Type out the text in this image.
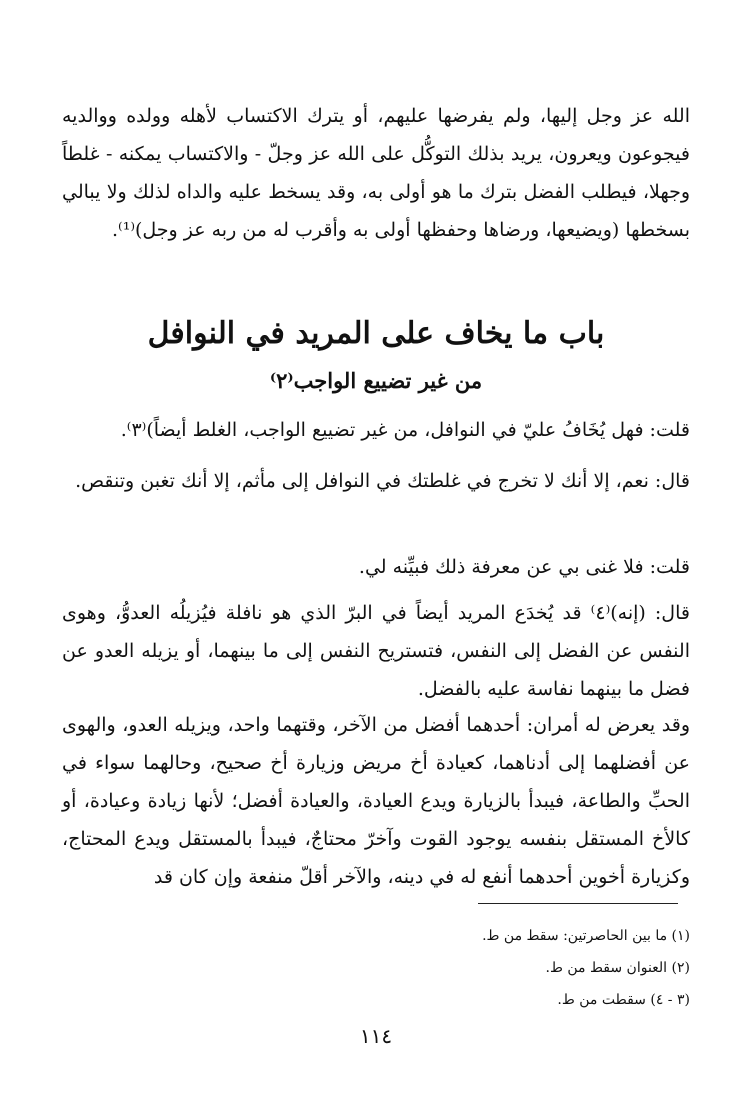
الله عز وجل إليها، ولم يفرضها عليهم، أو يترك الاكتساب لأهله وولده ووالديه فيجوعون ويعرون، يريد بذلك التوكُّل على الله عز وجلّ - والاكتساب يمكنه - غلطاً وجهلا، فيطلب الفضل بترك ما هو أولى به، وقد يسخط عليه والداه لذلك ولا يبالي بسخطها (ويضيعها، ورضاها وحفظها أولى به وأقرب له من ربه عز وجل)⁽¹⁾.

باب ما يخاف على المريد في النوافل
من غير تضييع الواجب⁽٢⁾

قلت: فهل يُخَافُ عليّ في النوافل، من غير تضييع الواجب، الغلط أيضاً)⁽٣⁾.

قال: نعم، إلا أنك لا تخرج في غلطتك في النوافل إلى مأثم، إلا أنك تغبن وتنقص.

قلت: فلا غنى بي عن معرفة ذلك فبيِّنه لي.

قال: (إنه)⁽٤⁾ قد يُخدَع المريد أيضاً في البرّ الذي هو نافلة فيُزيلُه العدوُّ، وهوى النفس عن الفضل إلى النفس، فتستريح النفس إلى ما بينهما، أو يزيله العدو عن فضل ما بينهما نفاسة عليه بالفضل.

وقد يعرض له أمران: أحدهما أفضل من الآخر، وقتهما واحد، ويزيله العدو، والهوى عن أفضلهما إلى أدناهما، كعيادة أخ مريض وزيارة أخ صحيح، وحالهما سواء في الحبِّ والطاعة، فيبدأ بالزيارة ويدع العيادة، والعيادة أفضل؛ لأنها زيادة وعيادة، أو كالأخ المستقل بنفسه يوجود القوت وآخرّ محتاجٌ، فيبدأ بالمستقل ويدع المحتاج، وكزيارة أخوين أحدهما أنفع له في دينه، والآخر أقلّ منفعة وإن كان قد

(١) ما بين الحاصرتين: سقط من ط.

(٢) العنوان سقط من ط.

(٣ - ٤) سقطت من ط.

١١٤
